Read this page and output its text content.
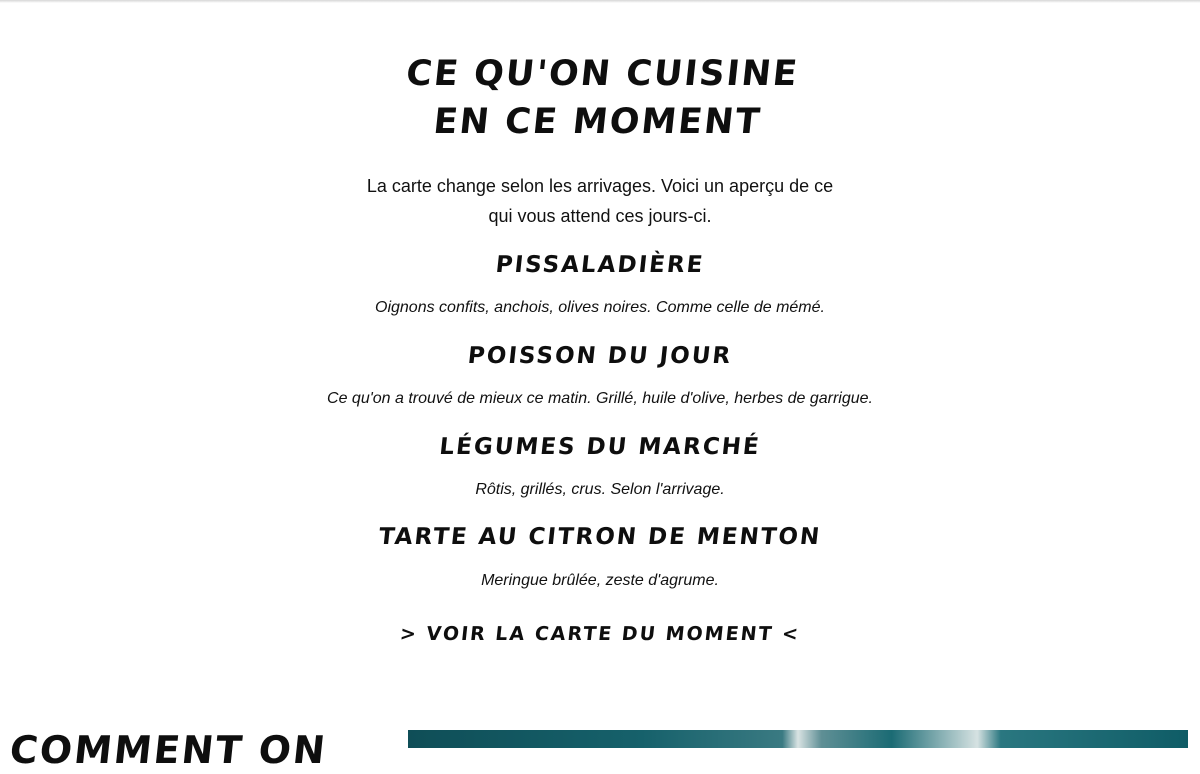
CE QU'ON CUISINE EN CE MOMENT

La carte change selon les arrivages. Voici un aperçu de ce qui vous attend ces jours-ci.

PISSALADIÈRE

Oignons confits, anchois, olives noires. Comme celle de mémé.

POISSON DU JOUR

Ce qu'on a trouvé de mieux ce matin. Grillé, huile d'olive, herbes de garrigue.

LÉGUMES DU MARCHÉ

Rôtis, grillés, crus. Selon l'arrivage.

TARTE AU CITRON DE MENTON

Meringue brûlée, zeste d'agrume.

> VOIR LA CARTE DU MOMENT <
COMMENT ON
